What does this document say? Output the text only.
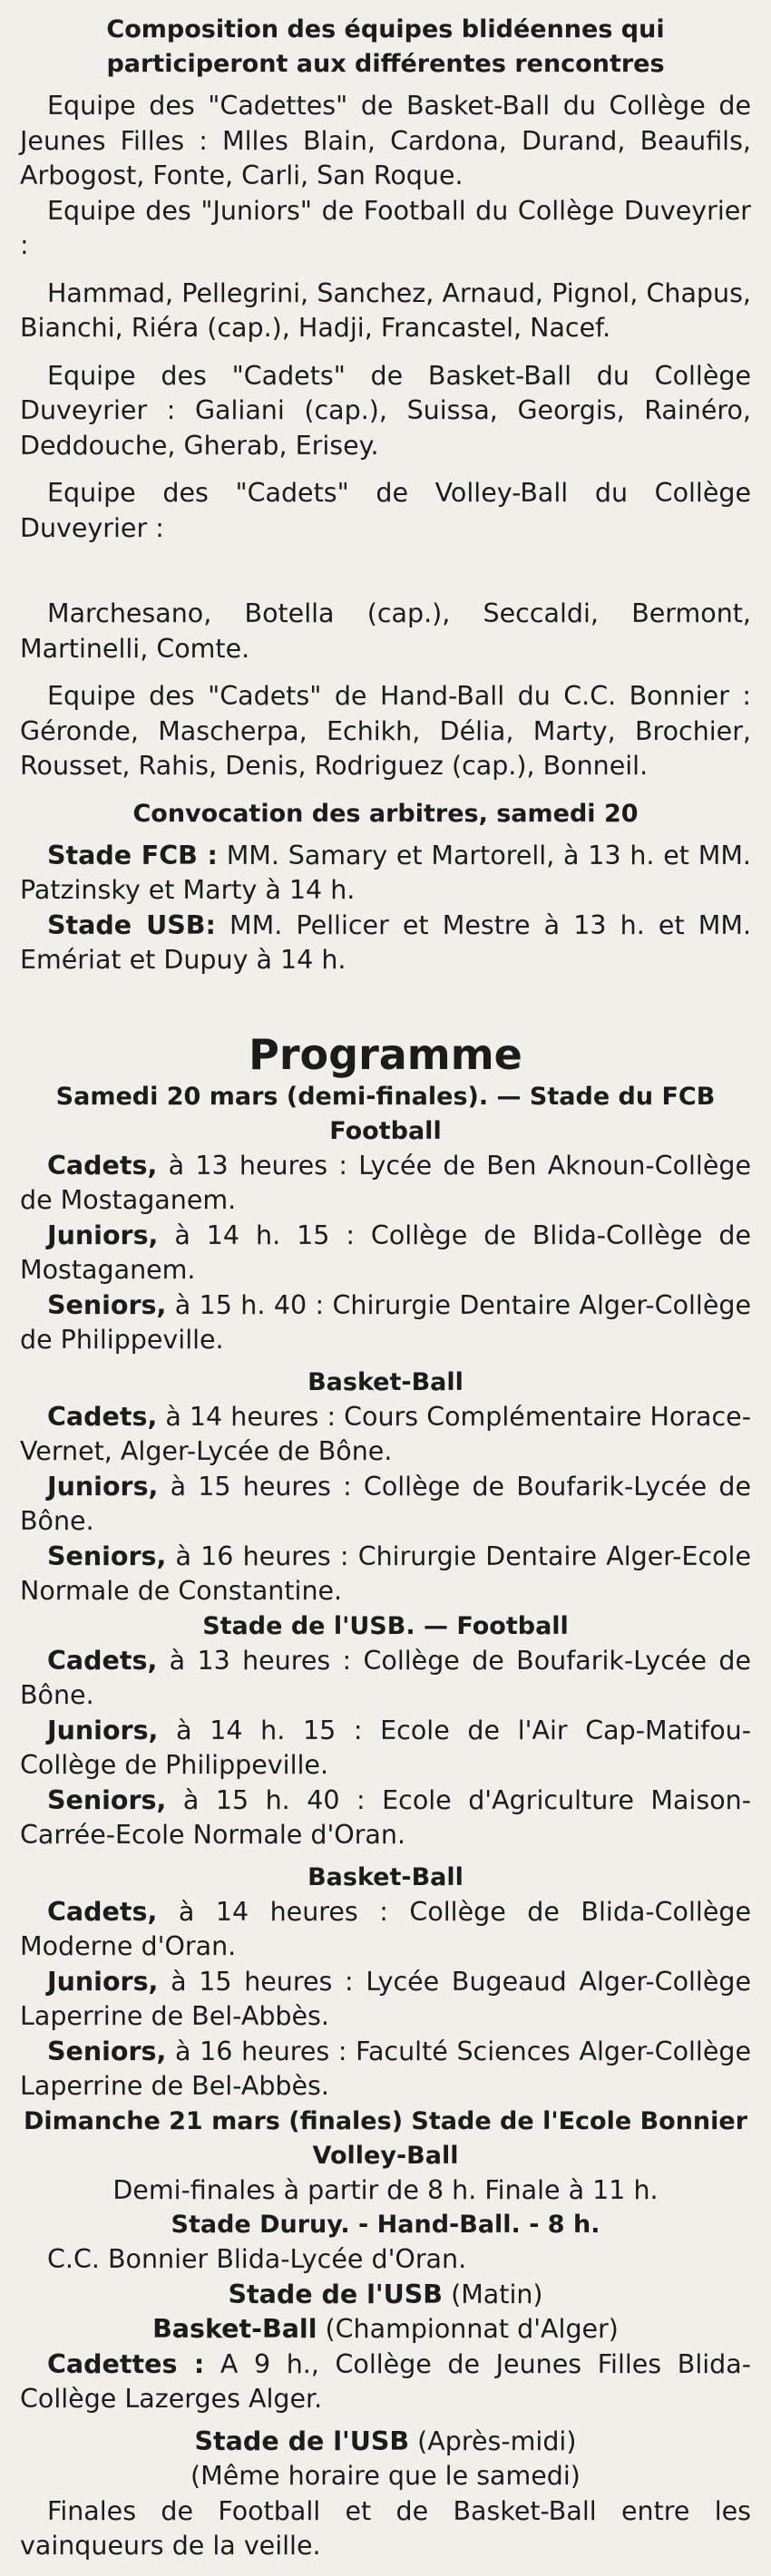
Composition des équipes blidéennes qui participeront aux différentes rencontres

Equipe des "Cadettes" de Basket-Ball du Collège de Jeunes Filles : Mlles Blain, Cardona, Durand, Beaufils, Arbogost, Fonte, Carli, San Roque.

Equipe des "Juniors" de Football du Collège Duveyrier :

Hammad, Pellegrini, Sanchez, Arnaud, Pignol, Chapus, Bianchi, Riéra (cap.), Hadji, Francastel, Nacef.

Equipe des "Cadets" de Basket-Ball du Collège Duveyrier : Galiani (cap.), Suissa, Georgis, Rainéro, Deddouche, Gherab, Erisey.

Equipe des "Cadets" de Volley-Ball du Collège Duveyrier :

Marchesano, Botella (cap.), Seccaldi, Bermont, Martinelli, Comte.

Equipe des "Cadets" de Hand-Ball du C.C. Bonnier : Géronde, Mascherpa, Echikh, Délia, Marty, Brochier, Rousset, Rahis, Denis, Rodriguez (cap.), Bonneil.

Convocation des arbitres, samedi 20

Stade FCB : MM. Samary et Martorell, à 13 h. et MM. Patzinsky et Marty à 14 h.

Stade USB: MM. Pellicer et Mestre à 13 h. et MM. Emériat et Dupuy à 14 h.

Programme
Samedi 20 mars (demi-finales). — Stade du FCB
Football

Cadets, à 13 heures : Lycée de Ben Aknoun-Collège de Mostaganem.

Juniors, à 14 h. 15 : Collège de Blida-Collège de Mostaganem.

Seniors, à 15 h. 40 : Chirurgie Dentaire Alger-Collège de Philippeville.

Basket-Ball

Cadets, à 14 heures : Cours Complémentaire Horace-Vernet, Alger-Lycée de Bône.

Juniors, à 15 heures : Collège de Boufarik-Lycée de Bône.

Seniors, à 16 heures : Chirurgie Dentaire Alger-Ecole Normale de Constantine.

Stade de l'USB. — Football

Cadets, à 13 heures : Collège de Boufarik-Lycée de Bône.

Juniors, à 14 h. 15 : Ecole de l'Air Cap-Matifou-Collège de Philippeville.

Seniors, à 15 h. 40 : Ecole d'Agriculture Maison-Carrée-Ecole Normale d'Oran.

Basket-Ball

Cadets, à 14 heures : Collège de Blida-Collège Moderne d'Oran.

Juniors, à 15 heures : Lycée Bugeaud Alger-Collège Laperrine de Bel-Abbès.

Seniors, à 16 heures : Faculté Sciences Alger-Collège Laperrine de Bel-Abbès.

Dimanche 21 mars (finales) Stade de l'Ecole Bonnier
Volley-Ball

Demi-finales à partir de 8 h. Finale à 11 h.

Stade Duruy. - Hand-Ball. - 8 h.

C.C. Bonnier Blida-Lycée d'Oran.

Stade de l'USB (Matin)

Basket-Ball (Championnat d'Alger)

Cadettes : A 9 h., Collège de Jeunes Filles Blida-Collège Lazerges Alger.

Stade de l'USB (Après-midi)

(Même horaire que le samedi)

Finales de Football et de Basket-Ball entre les vainqueurs de la veille.
